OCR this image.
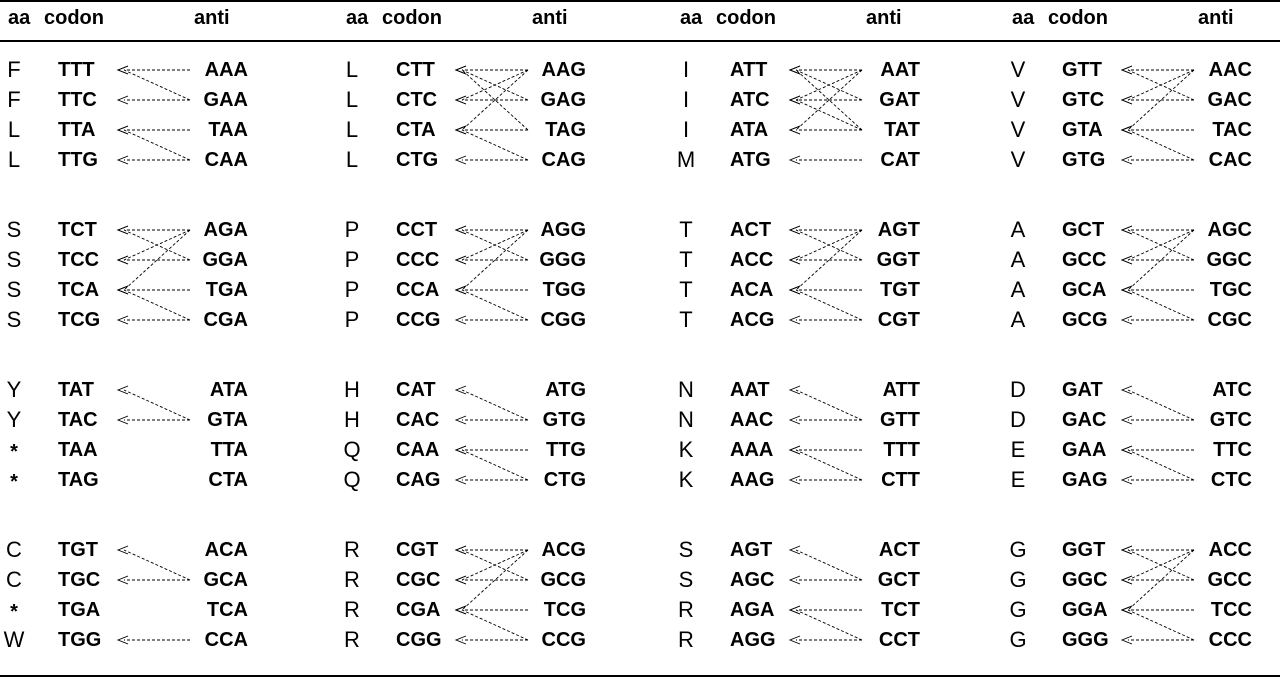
aa codon	anti	aa codon	anti	aa codon	anti	aa codon	anti
F TTT	AAA
F TTC	GAA
L TTA	TAA
L TTG	CAA
S TCT	AGA
S TCC	GGA
S TCA	TGA
S TCG	CGA
Y TAT	ATA
Y TAC	GTA
*	TAA	TTA
*	TAG	CTA
C TGT	ACA
C TGC	GCA
*	TGA	TCA
W TGG	CCA
L CTT	AAG
L CTC	GAG
L CTA	TAG
L CTG	CAG
P CCT	AGG
P CCC	GGG
P CCA	TGG
P CCG	CGG
H CAT	ATG
H CAC	GTG
Q CAA	TTG
Q CAG	CTG
R CGT	ACG
R CGC	GCG
R CGA	TCG
R CGG	CCG
I	ATT	AAT
I	ATC	GAT
I	ATA	TAT
M ATG	CAT
T ACT	AGT
T ACC	GGT
T ACA	TGT
T ACG	CGT
N AAT	ATT
N AAC	GTT
K AAA	TTT
K AAG	CTT
S AGT	ACT
S AGC	GCT
R AGA	TCT
R AGG	CCT
V GTT	AAC
V GTC	GAC
V GTA	TAC
V GTG	CAC
A GCT	AGC
A GCC	GGC
A GCA	TGC
A GCG	CGC
D GAT	ATC
D GAC	GTC
E GAA	TTC
E GAG	CTC
G GGT	ACC
G GGC	GCC
G GGA	TCC
G GGG	CCC
